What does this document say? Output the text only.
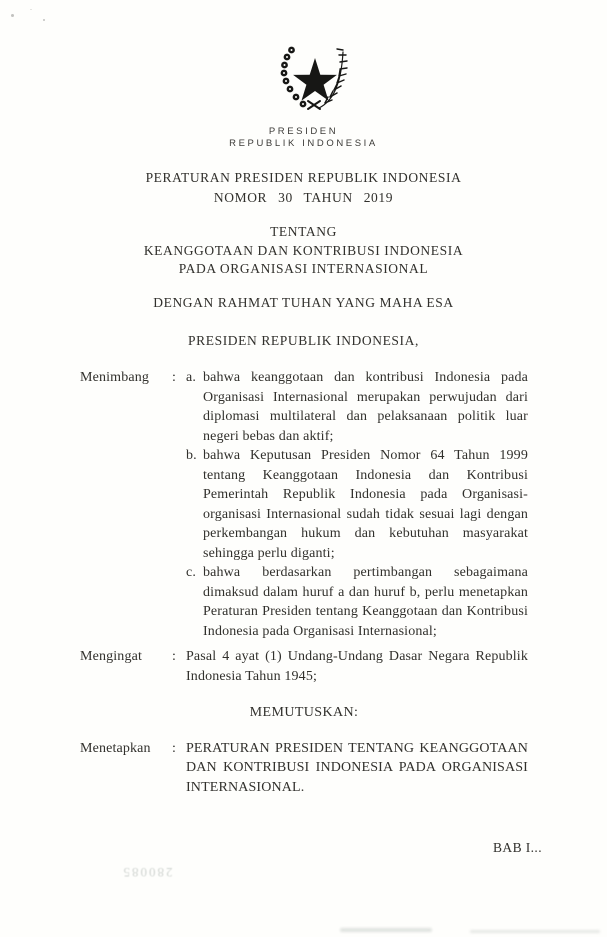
PRESIDEN
REPUBLIK INDONESIA
PERATURAN PRESIDEN REPUBLIK INDONESIA
NOMOR 30 TAHUN 2019
TENTANG
KEANGGOTAAN DAN KONTRIBUSI INDONESIA
PADA ORGANISASI INTERNASIONAL
DENGAN RAHMAT TUHAN YANG MAHA ESA
PRESIDEN REPUBLIK INDONESIA,
Menimbang	: a. bahwa keanggotaan dan kontribusi Indonesia pada Organisasi Internasional merupakan perwujudan dari diplomasi multilateral dan pelaksanaan politik luar negeri bebas dan aktif;
b. bahwa Keputusan Presiden Nomor 64 Tahun 1999 tentang Keanggotaan Indonesia dan Kontribusi Pemerintah Republik Indonesia pada Organisasi-organisasi Internasional sudah tidak sesuai lagi dengan perkembangan hukum dan kebutuhan masyarakat sehingga perlu diganti;
c. bahwa berdasarkan pertimbangan sebagaimana dimaksud dalam huruf a dan huruf b, perlu menetapkan Peraturan Presiden tentang Keanggotaan dan Kontribusi Indonesia pada Organisasi Internasional;
Mengingat	: Pasal 4 ayat (1) Undang-Undang Dasar Negara Republik Indonesia Tahun 1945;
MEMUTUSKAN:
Menetapkan	: PERATURAN PRESIDEN TENTANG KEANGGOTAAN DAN KONTRIBUSI INDONESIA PADA ORGANISASI INTERNASIONAL.
BAB I...
280085
